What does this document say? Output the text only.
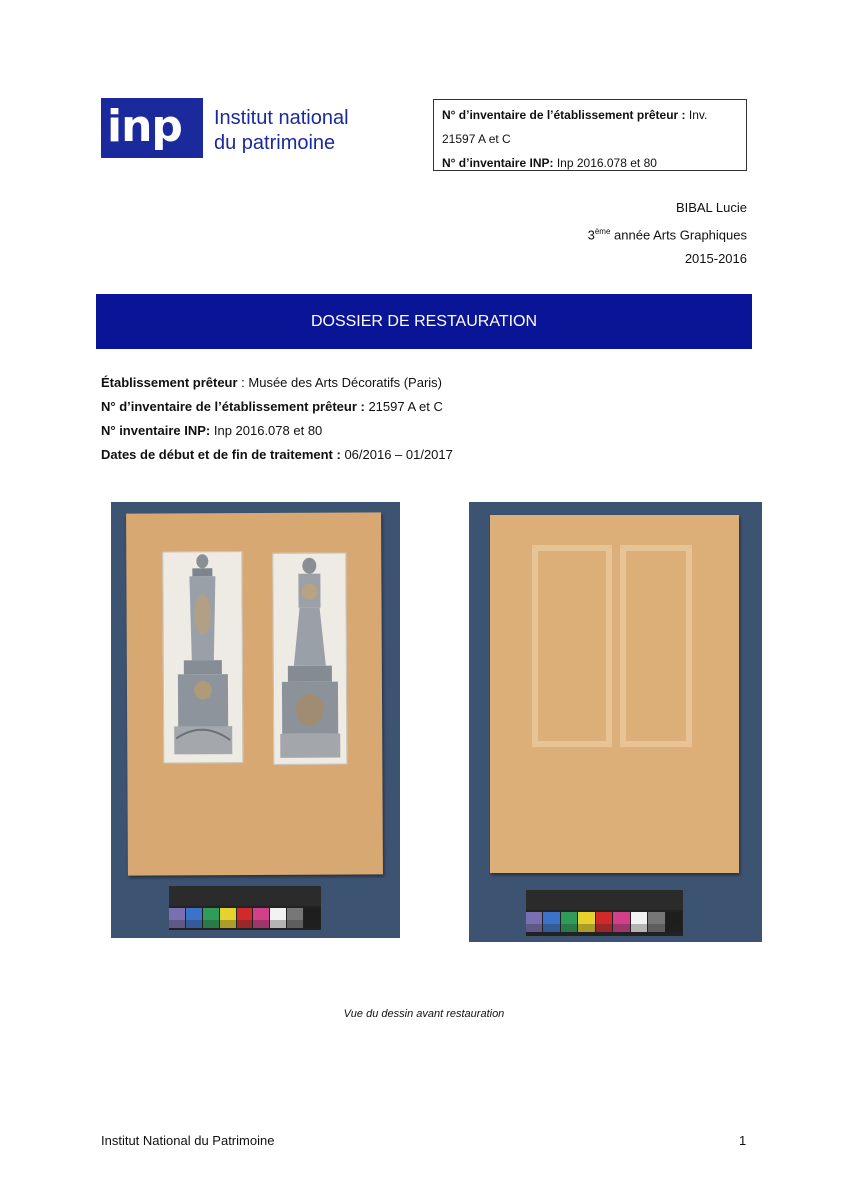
inp	Institut national
du patrimoine
N° d’inventaire de l’établissement prêteur : Inv.
21597 A et C
N° d’inventaire INP: Inp 2016.078 et 80
BIBAL Lucie
3ème année Arts Graphiques
2015-2016
DOSSIER DE RESTAURATION
Établissement prêteur : Musée des Arts Décoratifs (Paris)
N° d’inventaire de l’établissement prêteur : 21597 A et C
N° inventaire INP: Inp 2016.078 et 80
Dates de début et de fin de traitement : 06/2016 – 01/2017
Vue du dessin avant restauration
Institut National du Patrimoine	1
